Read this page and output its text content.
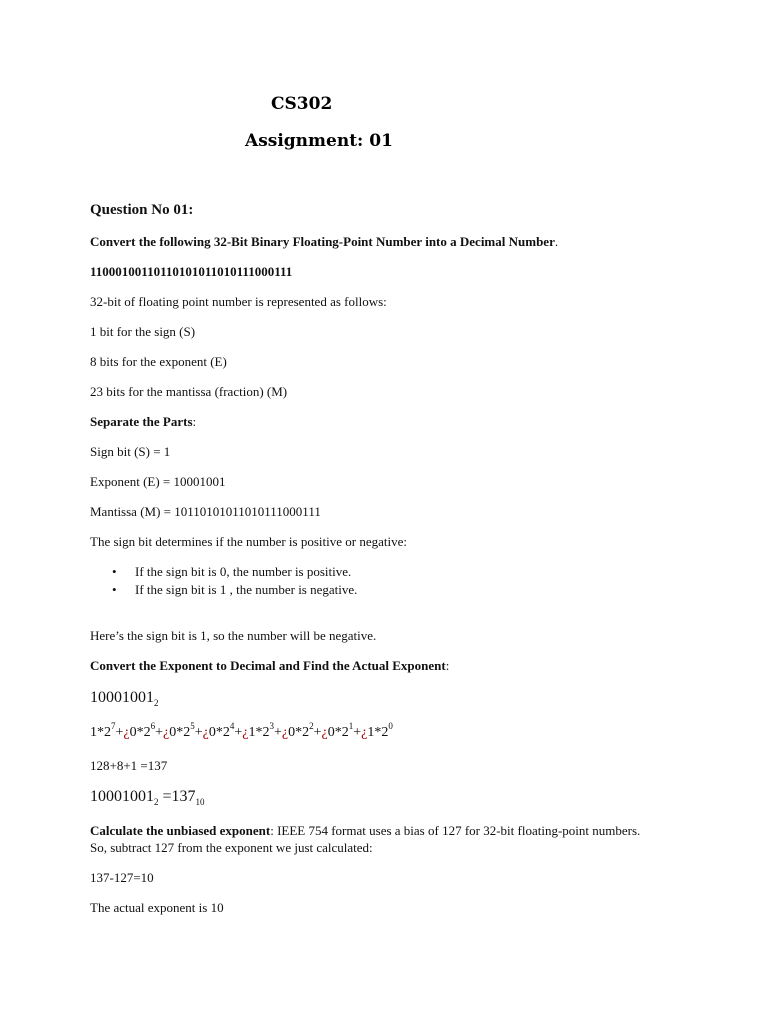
CS302
Assignment: 01
Question No 01:
Convert the following 32-Bit Binary Floating-Point Number into a Decimal Number.
11000100110110101011010111000111
32-bit of floating point number is represented as follows:
1 bit for the sign (S)
8 bits for the exponent (E)
23 bits for the mantissa (fraction) (M)
Separate the Parts:
Sign bit (S) = 1
Exponent (E) = 10001001
Mantissa (M) = 10110101011010111000111
The sign bit determines if the number is positive or negative:
• If the sign bit is 0, the number is positive.
• If the sign bit is 1 , the number is negative.
Here’s the sign bit is 1, so the number will be negative.
Convert the Exponent to Decimal and Find the Actual Exponent:
$10001001_2$
$1*2^7+¿0*2^6+¿0*2^5+¿0*2^4+¿1*2^3+¿0*2^2+¿0*2^1+¿1*2^0$
128+8+1 =137
$10001001_2 =137_{10}$
Calculate the unbiased exponent: IEEE 754 format uses a bias of 127 for 32-bit floating-point numbers. So, subtract 127 from the exponent we just calculated:
137-127=10
The actual exponent is 10
